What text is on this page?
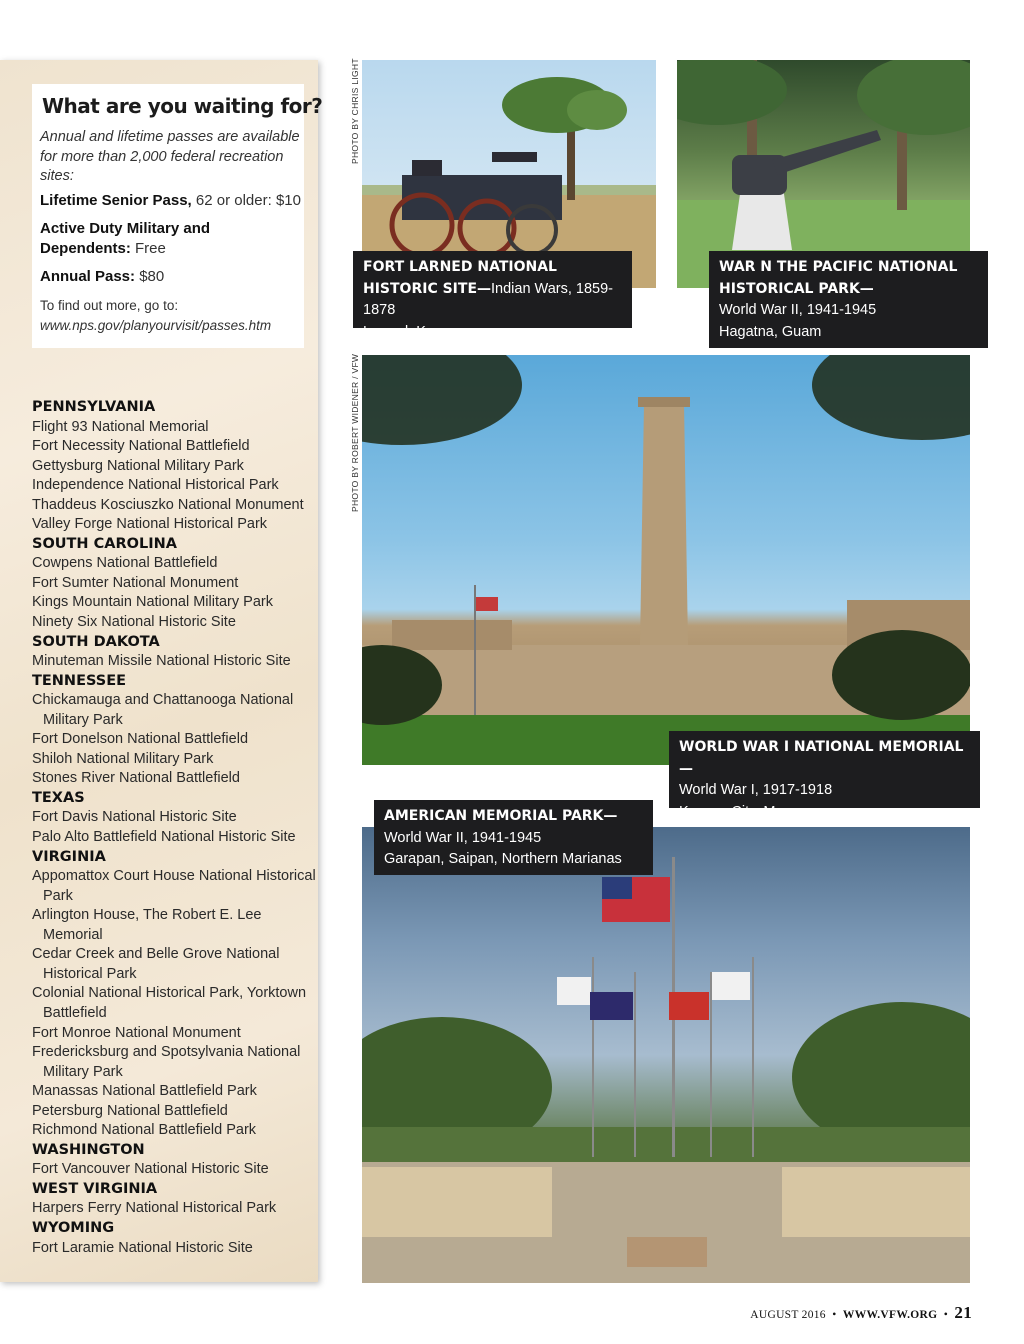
What are you waiting for?
Annual and lifetime passes are available for more than 2,000 federal recreation sites:
Lifetime Senior Pass, 62 or older: $10
Active Duty Military and Dependents: Free
Annual Pass: $80
To find out more, go to:
www.nps.gov/planyourvisit/passes.htm
PENNSYLVANIA
Flight 93 National Memorial
Fort Necessity National Battlefield
Gettysburg National Military Park
Independence National Historical Park
Thaddeus Kosciuszko National Monument
Valley Forge National Historical Park
SOUTH CAROLINA
Cowpens National Battlefield
Fort Sumter National Monument
Kings Mountain National Military Park
Ninety Six National Historic Site
SOUTH DAKOTA
Minuteman Missile National Historic Site
TENNESSEE
Chickamauga and Chattanooga National Military Park
Fort Donelson National Battlefield
Shiloh National Military Park
Stones River National Battlefield
TEXAS
Fort Davis National Historic Site
Palo Alto Battlefield National Historic Site
VIRGINIA
Appomattox Court House National Historical Park
Arlington House, The Robert E. Lee Memorial
Cedar Creek and Belle Grove National Historical Park
Colonial National Historical Park, Yorktown Battlefield
Fort Monroe National Monument
Fredericksburg and Spotsylvania National Military Park
Manassas National Battlefield Park
Petersburg National Battlefield
Richmond National Battlefield Park
WASHINGTON
Fort Vancouver National Historic Site
WEST VIRGINIA
Harpers Ferry National Historical Park
WYOMING
Fort Laramie National Historic Site
PHOTO BY CHRIS LIGHT
PHOTO BY ROBERT WIDENER / VFW
FORT LARNED NATIONAL HISTORIC SITE—Indian Wars, 1859-1878
Larned, Kan
WAR N THE PACIFIC NATIONAL
HISTORICAL PARK—
World War II, 1941-1945
Hagatna, Guam
WORLD WAR I NATIONAL MEMORIAL—
World War I, 1917-1918
Kansas City, Mo.
AMERICAN MEMORIAL PARK—
World War II, 1941-1945
Garapan, Saipan, Northern Marianas
AUGUST 2016  •  WWW.VFW.ORG  •  21
